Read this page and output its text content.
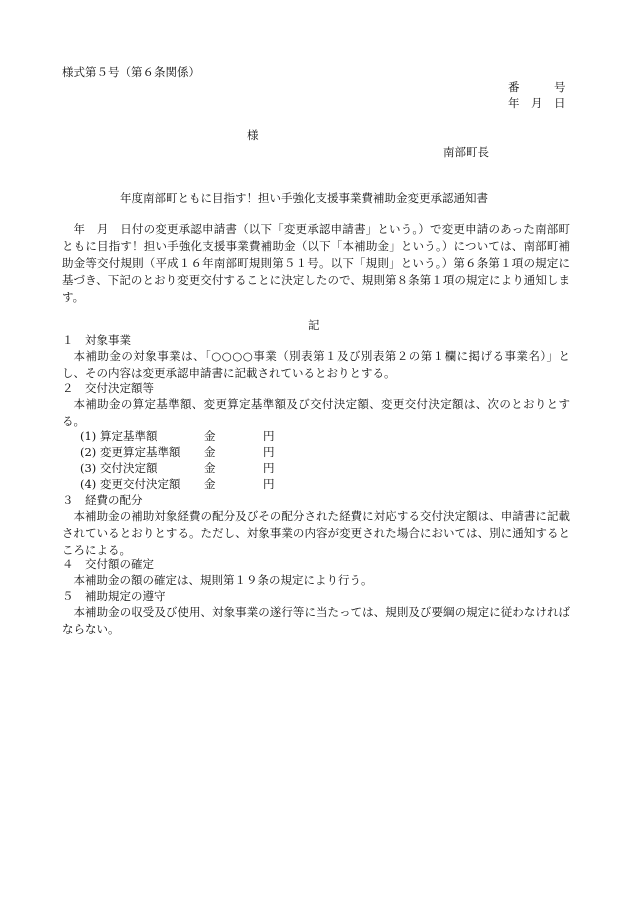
様式第５号（第６条関係）
番　　　号
年　月　日
様
南部町長
年度南部町ともに目指す！担い手強化支援事業費補助金変更承認通知書
年　月　日付の変更承認申請書（以下「変更承認申請書」という。）で変更申請のあった南部町ともに目指す！担い手強化支援事業費補助金（以下「本補助金」という。）については、南部町補助金等交付規則（平成１６年南部町規則第５１号。以下「規則」という。）第６条第１項の規定に基づき、下記のとおり変更交付することに決定したので、規則第８条第１項の規定により通知します。
記
１　対象事業
本補助金の対象事業は、「○○○○事業（別表第１及び別表第２の第１欄に掲げる事業名）」とし、その内容は変更承認申請書に記載されているとおりとする。
２　交付決定額等
本補助金の算定基準額、変更算定基準額及び交付決定額、変更交付決定額は、次のとおりとする。
(1) 算定基準額	金	円
(2) 変更算定基準額 金	円
(3) 交付決定額	金	円
(4) 変更交付決定額 金	円
３　経費の配分
本補助金の補助対象経費の配分及びその配分された経費に対応する交付決定額は、申請書に記載されているとおりとする。ただし、対象事業の内容が変更された場合においては、別に通知するところによる。
４　交付額の確定
本補助金の額の確定は、規則第１９条の規定により行う。
５　補助規定の遵守
本補助金の収受及び使用、対象事業の遂行等に当たっては、規則及び要綱の規定に従わなければならない。
